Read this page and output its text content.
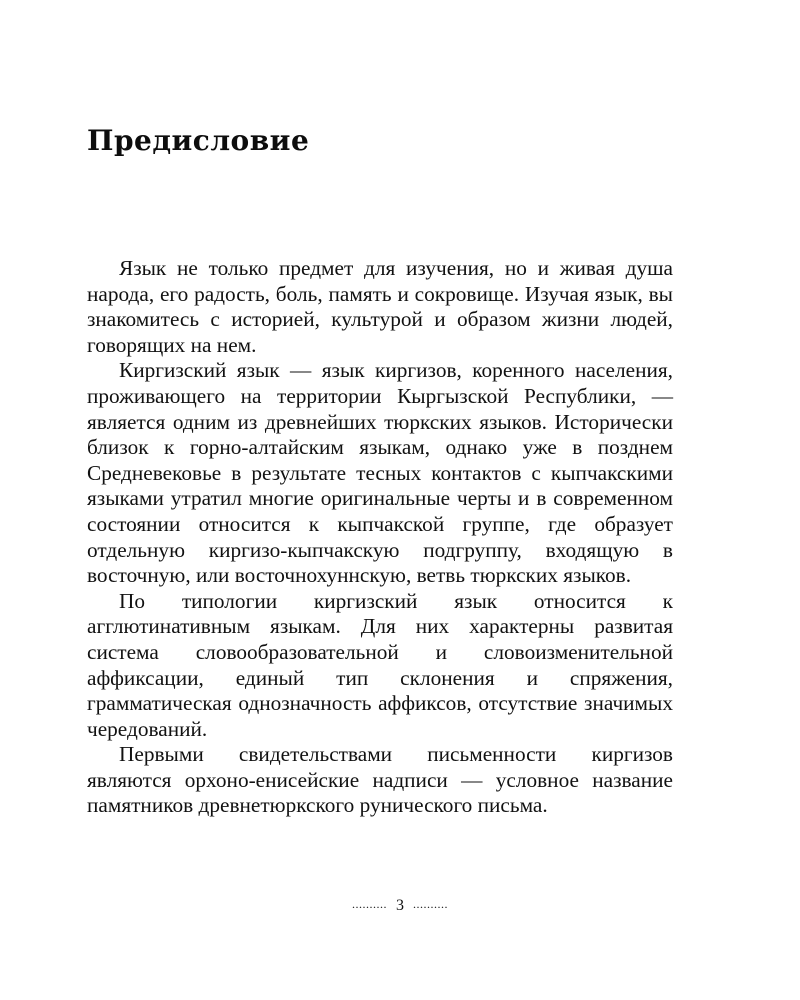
Предисловие

Язык не только предмет для изучения, но и живая душа народа, его радость, боль, память и сокровище. Изучая язык, вы знакомитесь с историей, культурой и образом жизни людей, говорящих на нем.

Киргизский язык — язык киргизов, коренного населения, проживающего на территории Кыргызской Республики, — является одним из древнейших тюркских языков. Исторически близок к горно-алтайским языкам, однако уже в позднем Средневековье в результате тесных контактов с кыпчакскими языками утратил многие оригинальные черты и в современном состоянии относится к кыпчакской группе, где образует отдельную киргизо-кыпчакскую подгруппу, входящую в восточную, или восточнохуннскую, ветвь тюркских языков.

По типологии киргизский язык относится к агглютинативным языкам. Для них характерны развитая система словообразовательной и словоизменительной аффиксации, единый тип склонения и спряжения, грамматическая однозначность аффиксов, отсутствие значимых чередований.

Первыми свидетельствами письменности киргизов являются орхоно-енисейские надписи — условное название памятников древнетюркского рунического письма.

.......... 3 ..........
